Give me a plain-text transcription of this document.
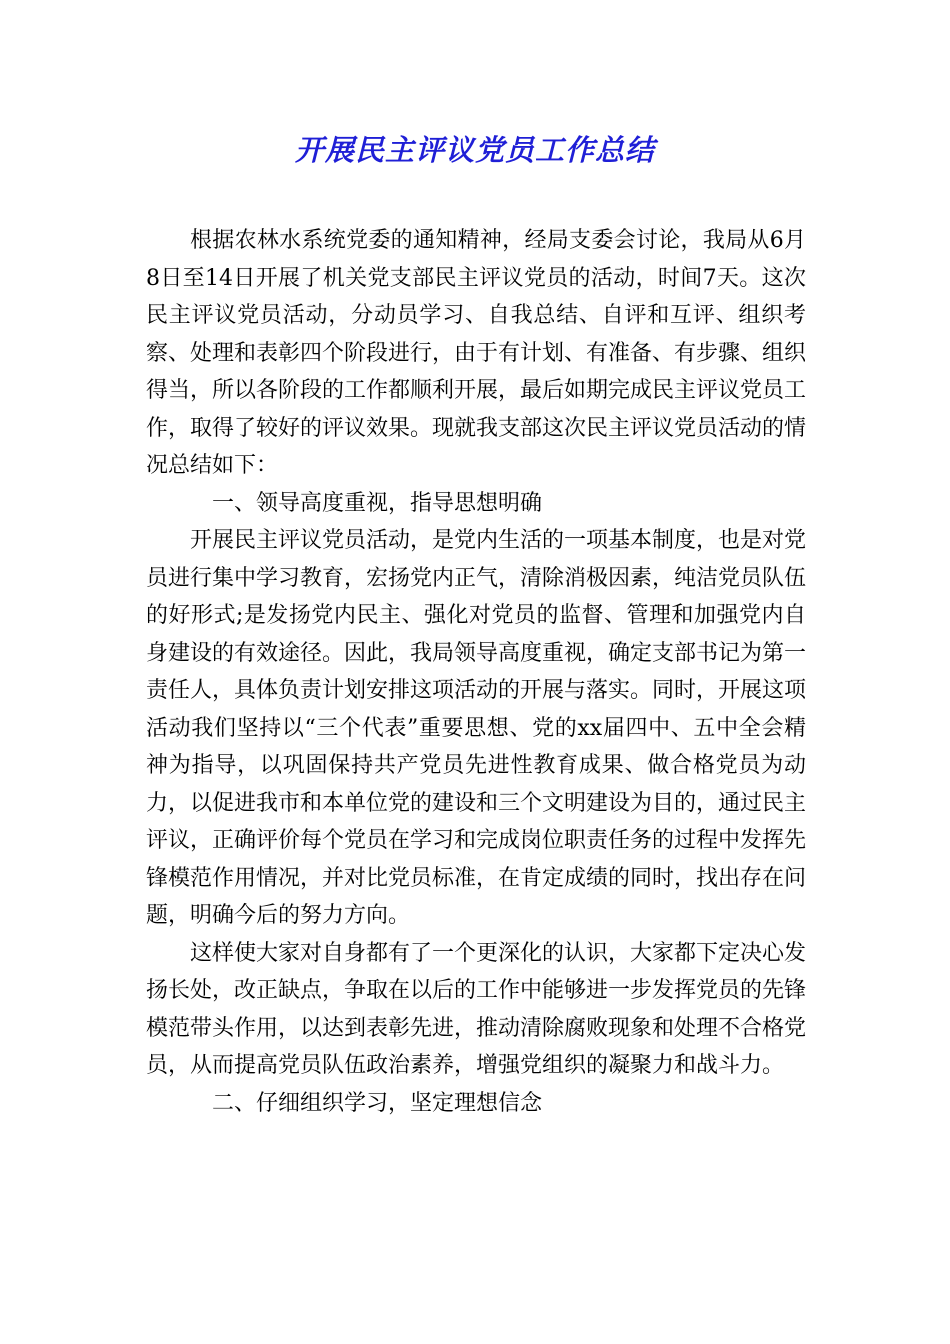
开展民主评议党员工作总结

根据农林水系统党委的通知精神，经局支委会讨论，我局从6月8日至14日开展了机关党支部民主评议党员的活动，时间7天。这次民主评议党员活动，分动员学习、自我总结、自评和互评、组织考察、处理和表彰四个阶段进行，由于有计划、有准备、有步骤、组织得当，所以各阶段的工作都顺利开展，最后如期完成民主评议党员工作，取得了较好的评议效果。现就我支部这次民主评议党员活动的情况总结如下：

一、领导高度重视，指导思想明确

开展民主评议党员活动，是党内生活的一项基本制度，也是对党员进行集中学习教育，宏扬党内正气，清除消极因素，纯洁党员队伍的好形式;是发扬党内民主、强化对党员的监督、管理和加强党内自身建设的有效途径。因此，我局领导高度重视，确定支部书记为第一责任人，具体负责计划安排这项活动的开展与落实。同时，开展这项活动我们坚持以“三个代表”重要思想、党的xx届四中、五中全会精神为指导，以巩固保持共产党员先进性教育成果、做合格党员为动力，以促进我市和本单位党的建设和三个文明建设为目的，通过民主评议，正确评价每个党员在学习和完成岗位职责任务的过程中发挥先锋模范作用情况，并对比党员标准，在肯定成绩的同时，找出存在问题，明确今后的努力方向。

这样使大家对自身都有了一个更深化的认识，大家都下定决心发扬长处，改正缺点，争取在以后的工作中能够进一步发挥党员的先锋模范带头作用，以达到表彰先进，推动清除腐败现象和处理不合格党员，从而提高党员队伍政治素养，增强党组织的凝聚力和战斗力。

二、仔细组织学习，坚定理想信念
